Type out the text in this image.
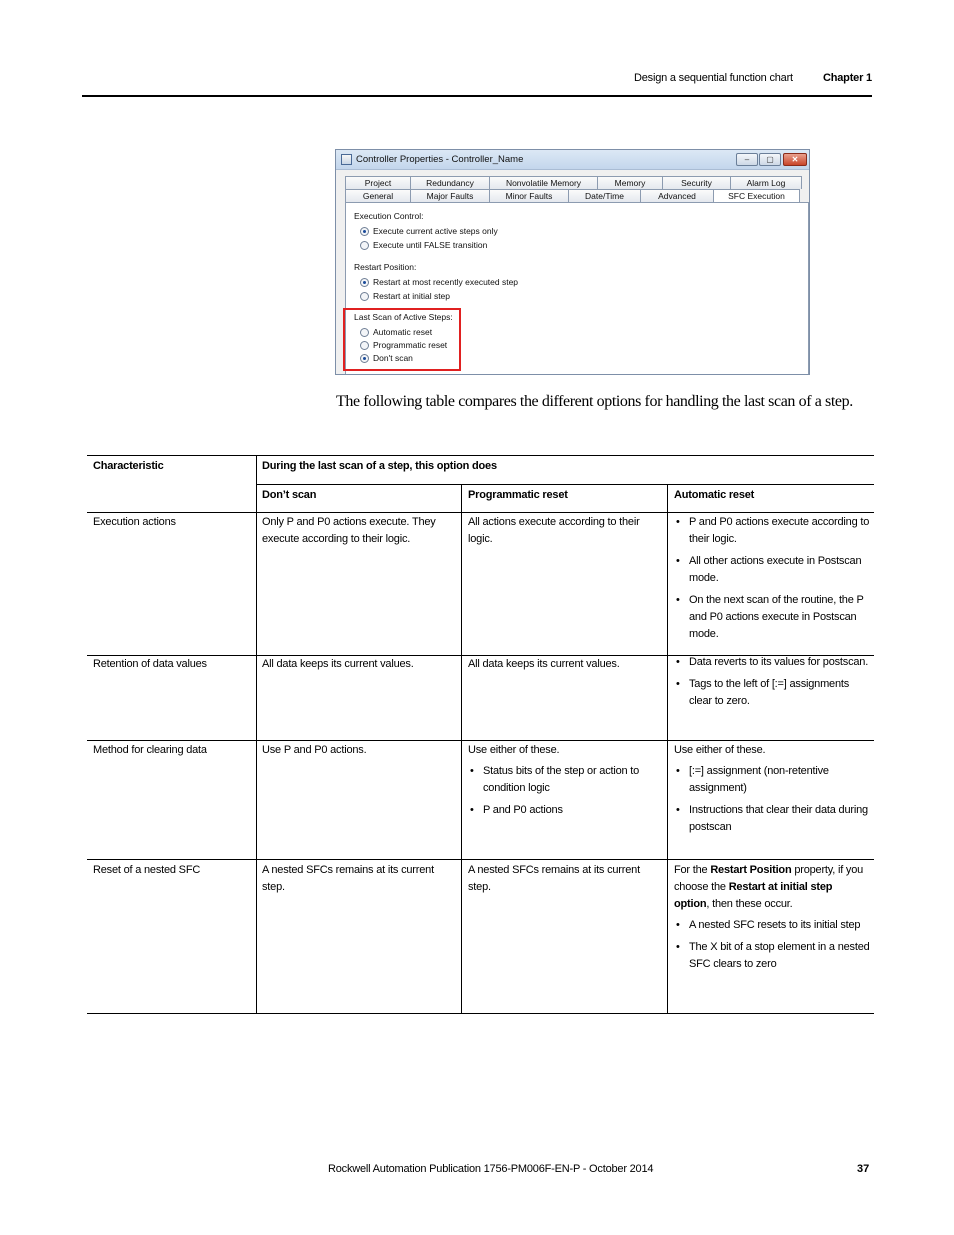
Design a sequential function chart	Chapter 1
Controller Properties - Controller_Name	–	▢	✕
Project	Redundancy	Nonvolatile Memory	Memory	Security	Alarm Log
General	Major Faults	Minor Faults	Date/Time	Advanced	SFC Execution
Execution Control:
Execute current active steps only
Execute until FALSE transition
Restart Position:
Restart at most recently executed step
Restart at initial step
Last Scan of Active Steps:
Automatic reset
Programmatic reset
Don't scan
The following table compares the different options for handling the last scan of a step.
Characteristic	During the last scan of a step, this option does
Don’t scan	Programmatic reset	Automatic reset
Execution actions	Only P and P0 actions execute. They execute according to their logic.
All actions execute according to their logic.
• P and P0 actions execute according to their logic.
• All other actions execute in Postscan mode.
• On the next scan of the routine, the P and P0 actions execute in Postscan mode.
Retention of data values	All data keeps its current values.	All data keeps its current values.
•	Data reverts to its values for postscan.
• Tags to the left of [:=] assignments clear to zero.
Method for clearing data	Use P and P0 actions.	Use either of these.

• Status bits of the step or action to condition logic
• P and P0 actions

Use either of these.

• [:=] assignment (non-retentive assignment)
• Instructions that clear their data during postscan
Reset of a nested SFC	A nested SFCs remains at its current step.
A nested SFCs remains at its current step.

For the Restart Position property, if you choose the Restart at initial step option, then these occur.

• A nested SFC resets to its initial step
• The X bit of a stop element in a nested SFC clears to zero
Rockwell Automation Publication 1756-PM006F-EN-P - October 2014	37
